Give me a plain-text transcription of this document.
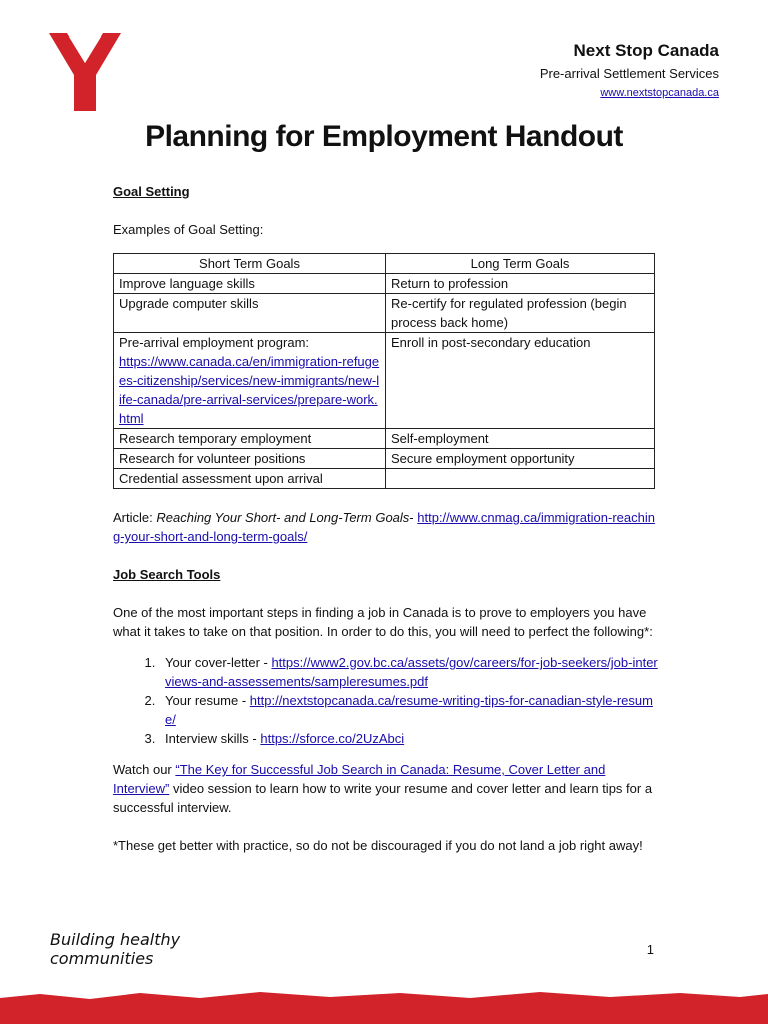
Next Stop Canada
Pre-arrival Settlement Services
www.nextstopcanada.ca
Planning for Employment Handout

Goal Setting

Examples of Goal Setting:

Short Term Goals	Long Term Goals
Improve language skills	Return to profession
Upgrade computer skills	Re-certify for regulated profession (begin process back home)
Pre-arrival employment program:
https://www.canada.ca/en/immigration-refugees-citizenship/services/new-immigrants/new-life-canada/pre-arrival-services/prepare-work.html	Enroll in post-secondary education
Research temporary employment	Self-employment
Research for volunteer positions	Secure employment opportunity
Credential assessment upon arrival	

Article: Reaching Your Short- and Long-Term Goals- http://www.cnmag.ca/immigration-reaching-your-short-and-long-term-goals/

Job Search Tools

One of the most important steps in finding a job in Canada is to prove to employers you have what it takes to take on that position. In order to do this, you will need to perfect the following*:

1. Your cover-letter - https://www2.gov.bc.ca/assets/gov/careers/for-job-seekers/job-interviews-and-assessements/sampleresumes.pdf
2. Your resume - http://nextstopcanada.ca/resume-writing-tips-for-canadian-style-resume/
3. Interview skills - https://sforce.co/2UzAbci

Watch our “The Key for Successful Job Search in Canada: Resume, Cover Letter and Interview” video session to learn how to write your resume and cover letter and learn tips for a successful interview.

*These get better with practice, so do not be discouraged if you do not land a job right away!

Building healthy
communities	1
